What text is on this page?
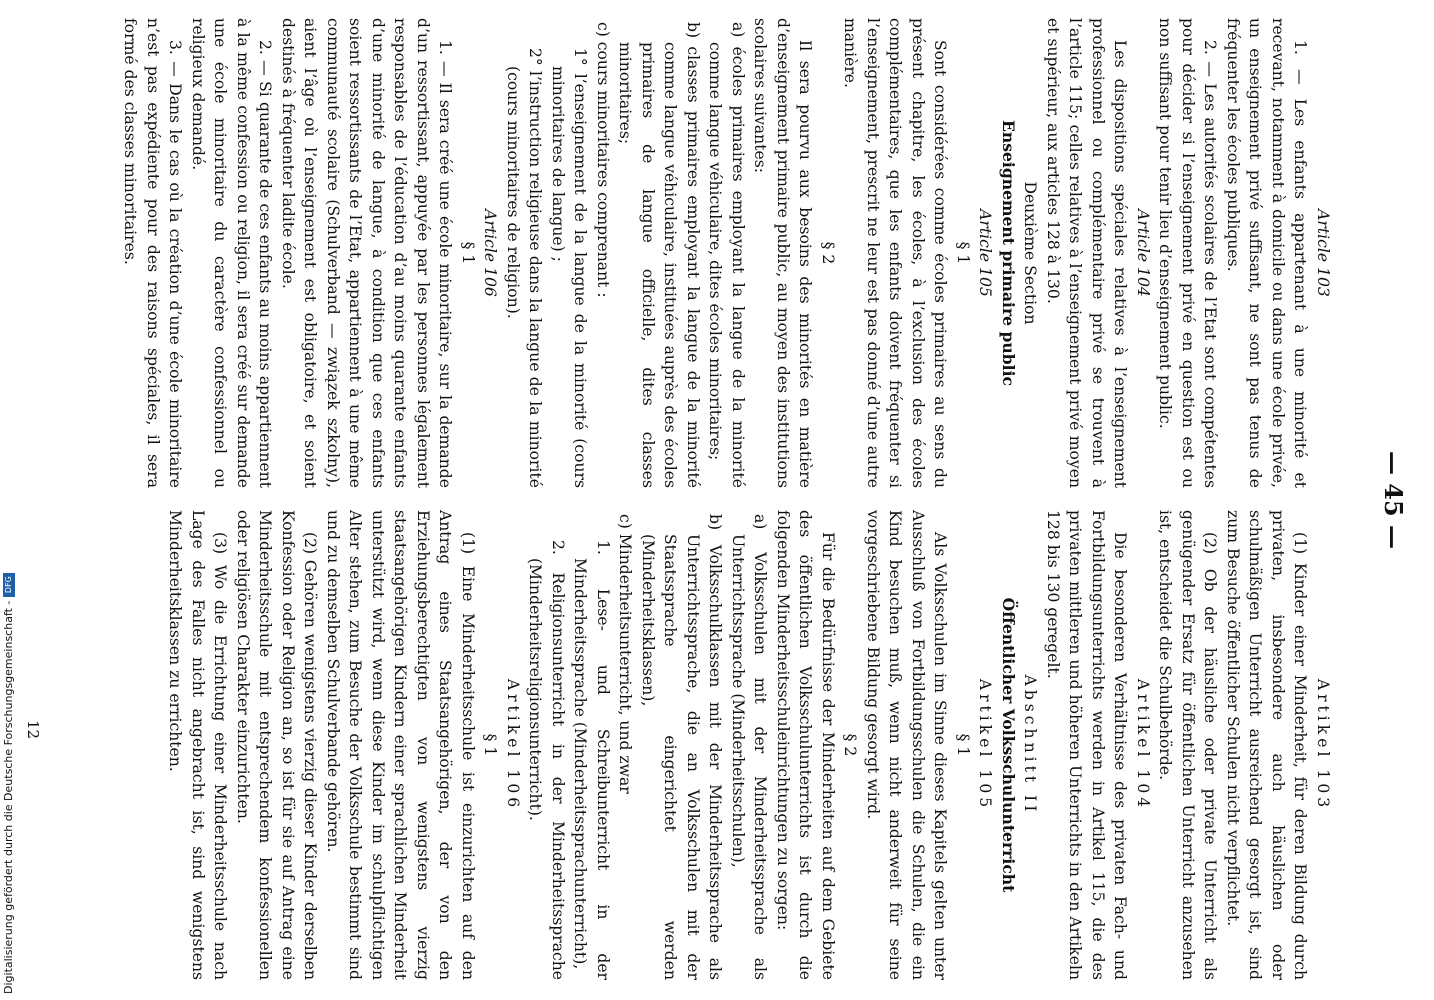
— 45 —

Article 103

1. — Les enfants appartenant à une minorité et recevant, notamment à domicile ou dans une école privée, un enseignement privé suffisant, ne sont pas tenus de fréquenter les écoles publiques.

2. — Les autorités scolaires de l’Etat sont compétentes pour décider si l’enseignement privé en question est ou non suffisant pour tenir lieu d’enseignement public.

Article 104

Les dispositions spéciales relatives à l’enseignement professionnel ou complémentaire privé se trouvent à l’article 115; celles relatives à l’enseignement privé moyen et supérieur, aux articles 128 à 130.

Deuxième Section

Enseignement primaire public

Article 105

§ 1

Sont considérées comme écoles primaires au sens du présent chapitre, les écoles, à l’exclusion des écoles complémentaires, que les enfants doivent fréquenter si l’enseignement, prescrit ne leur est pas donné d’une autre manière.

§ 2

Il sera pourvu aux besoins des minorités en matière d’enseignement primaire public, au moyen des institutions scolaires suivantes:

a) écoles primaires employant la langue de la minorité comme langue véhiculaire, dites écoles minoritaires;

b) classes primaires employant la langue de la minorité comme langue véhiculaire, instituées auprès des écoles primaires de langue officielle, dites classes minoritaires;

c) cours minoritaires comprenant :

1° l’enseignement de la langue de la minorité (cours minoritaires de langue) ;

2° l’instruction religieuse dans la langue de la minorité (cours minoritaires de religion).

Article 106

§ 1

1. — Il sera créé une école minoritaire, sur la demande d’un ressortissant, appuyée par les personnes légalement responsables de l’éducation d’au moins quarante enfants d’une minorité de langue, à condition que ces enfants soient ressortissants de l’Etat, appartiennent à une même communauté scolaire (Schulverband — związek szkolny), aient l’âge où l’enseignement est obligatoire, et soient destinés à fréquenter ladite école.

2. — Si quarante de ces enfants au moins appartiennent à la même confession ou religion, il sera créé sur demande une école minoritaire du caractère confessionnel ou religieux demandé.

3. — Dans le cas où la création d’une école minoritaire n’est pas expédiente pour des raisons spéciales, il sera formé des classes minoritaires.

Artikel 103

(1) Kinder einer Minderheit, für deren Bildung durch privaten, insbesondere auch häuslichen oder schulmäßigen Unterricht ausreichend gesorgt ist, sind zum Besuche öffentlicher Schulen nicht verpflichtet.

(2) Ob der häusliche oder private Unterricht als genügender Ersatz für öffentlichen Unterricht anzusehen ist, entscheidet die Schulbehörde.

Artikel 104

Die besonderen Verhältnisse des privaten Fach- und Fortbildungsunterrichts werden in Artikel 115, die des privaten mittleren und höheren Unterrichts in den Artikeln 128 bis 130 geregelt.

Abschnitt II

Öffentlicher Volksschulunterricht

Artikel 105

§ 1

Als Volksschulen im Sinne dieses Kapitels gelten unter Ausschluß von Fortbildungsschulen die Schulen, die ein Kind besuchen muß, wenn nicht anderweit für seine vorgeschriebene Bildung gesorgt wird.

§ 2

Für die Bedürfnisse der Minderheiten auf dem Gebiete des öffentlichen Volksschulunterrichts ist durch die folgenden Minderheitsschuleinrichtungen zu sorgen:

a) Volksschulen mit der Minderheitssprache als Unterrichtssprache (Minderheitsschulen),

b) Volksschulklassen mit der Minderheitssprache als Unterrichtssprache, die an Volksschulen mit der Staatssprache eingerichtet werden (Minderheitsklassen),

c) Minderheitsunterricht, und zwar

1. Lese- und Schreibunterricht in der Minderheitssprache (Minderheitssprachunterricht),

2. Religionsunterricht in der Minderheitssprache (Minderheitsreligionsunterricht).

Artikel 106

§ 1

(1) Eine Minderheitsschule ist einzurichten auf den Antrag eines Staatsangehörigen, der von den Erziehungsberechtigten von wenigstens vierzig staatsangehörigen Kindern einer sprachlichen Minderheit unterstützt wird, wenn diese Kinder im schulpflichtigen Alter stehen, zum Besuche der Volksschule bestimmt sind und zu demselben Schulverbande gehören.

(2) Gehören wenigstens vierzig dieser Kinder derselben Konfession oder Religion an, so ist für sie auf Antrag eine Minderheitsschule mit entsprechendem konfessionellen oder religiösen Charakter einzurichten.

(3) Wo die Errichtung einer Minderheitsschule nach Lage des Falles nicht angebracht ist, sind wenigstens Minderheitsklassen zu errichten.

12
Digitalisierung gefördert durch die Deutsche Forschungsgemeinschaft -DFG
